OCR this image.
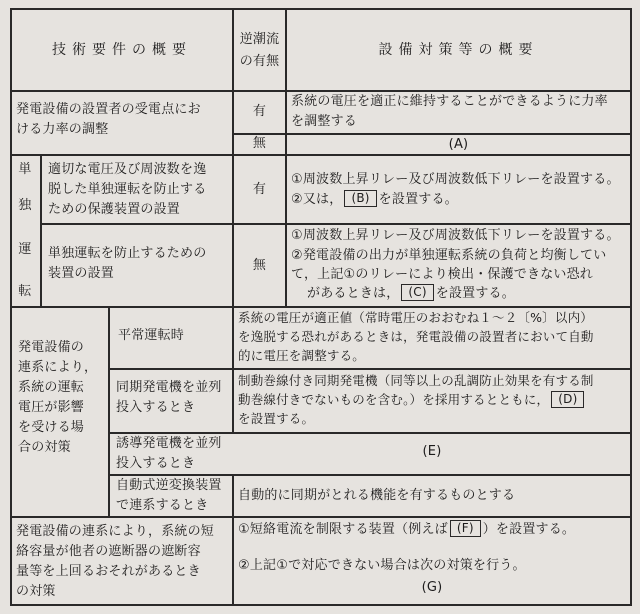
技術要件の概要
逆潮流
の有無
設備対策等の概要
発電設備の設置者の受電点にお
ける力率の調整
有
系統の電圧を適正に維持することができるように力率
を調整する
無	(A)
単
独
運
転
適切な電圧及び周波数を逸
脱した単独運転を防止する
ための保護装置の設置
有
①周波数上昇リレー及び周波数低下リレーを設置する。
②又は， (B) を設置する。
単独運転を防止するための
装置の設置
無
①周波数上昇リレー及び周波数低下リレーを設置する。
②発電設備の出力が単独運転系統の負荷と均衡してい
て，上記①のリレーにより検出・保護できない恐れ
があるときは， (C) を設置する。
発電設備の
連系により，
系統の運転
電圧が影響
を受ける場
合の対策
平常運転時
系統の電圧が適正値（常時電圧のおおむね１～２〔%〕以内）
を逸脱する恐れがあるときは，発電設備の設置者において自動
的に電圧を調整する。
同期発電機を並列
投入するとき
制動巻線付き同期発電機（同等以上の乱調防止効果を有する制
動巻線付きでないものを含む。）を採用するとともに， (D)
を設置する。
誘導発電機を並列
投入するとき
(E)
自動式逆変換装置
で連系するとき
自動的に同期がとれる機能を有するものとする
発電設備の連系により，系統の短
絡容量が他者の遮断器の遮断容
量等を上回るおそれがあるとき
の対策
①短絡電流を制限する装置（例えば (F) ）を設置する。
②上記①で対応できない場合は次の対策を行う。
(G)
